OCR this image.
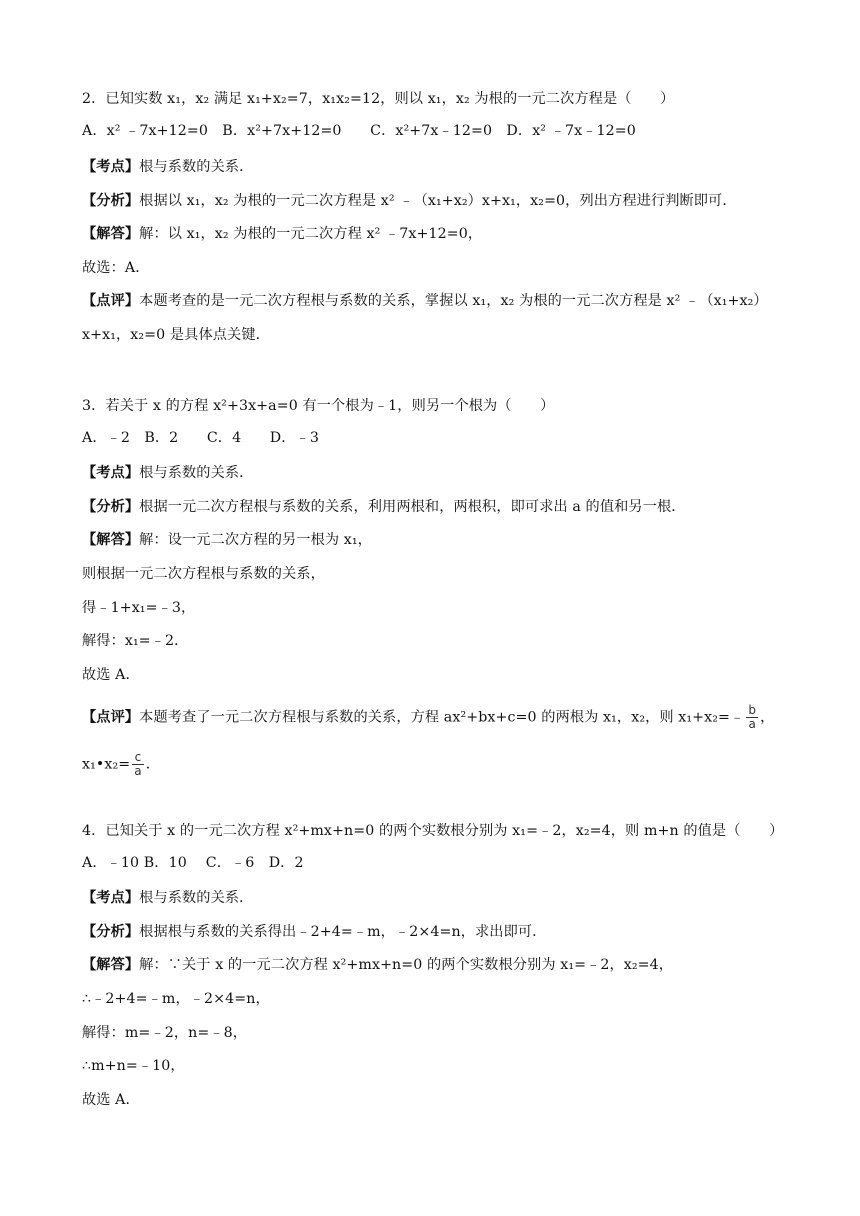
2．已知实数 x₁，x₂ 满足 x₁+x₂=7，x₁x₂=12，则以 x₁，x₂ 为根的一元二次方程是（　　）
A．x² ﹣7x+12=0　B．x²+7x+12=0　　C．x²+7x﹣12=0　D．x² ﹣7x﹣12=0
【考点】根与系数的关系．
【分析】根据以 x₁，x₂ 为根的一元二次方程是 x² ﹣（x₁+x₂）x+x₁，x₂=0，列出方程进行判断即可．
【解答】解：以 x₁，x₂ 为根的一元二次方程 x² ﹣7x+12=0，
故选：A．
【点评】本题考查的是一元二次方程根与系数的关系，掌握以 x₁，x₂ 为根的一元二次方程是 x² ﹣（x₁+x₂）
x+x₁，x₂=0 是具体点关键．
3．若关于 x 的方程 x²+3x+a=0 有一个根为﹣1，则另一个根为（　　）
A．﹣2　B．2　　C．4　　D．﹣3
【考点】根与系数的关系．
【分析】根据一元二次方程根与系数的关系，利用两根和，两根积，即可求出 a 的值和另一根．
【解答】解：设一元二次方程的另一根为 x₁，
则根据一元二次方程根与系数的关系，
得﹣1+x₁=﹣3，
解得：x₁=﹣2．
故选 A．
【点评】本题考查了一元二次方程根与系数的关系，方程 ax²+bx+c=0 的两根为 x₁，x₂，则 x₁+x₂=﹣ $\frac{b}{a}$ ，
x₁•x₂= $\frac{c}{a}$ ．
4．已知关于 x 的一元二次方程 x²+mx+n=0 的两个实数根分别为 x₁=﹣2，x₂=4，则 m+n 的值是（　　）
A．﹣10 B．10　 C．﹣6　D．2
【考点】根与系数的关系．
【分析】根据根与系数的关系得出﹣2+4=﹣m，﹣2×4=n，求出即可．
【解答】解：∵关于 x 的一元二次方程 x²+mx+n=0 的两个实数根分别为 x₁=﹣2，x₂=4，
∴﹣2+4=﹣m，﹣2×4=n，
解得：m=﹣2，n=﹣8，
∴m+n=﹣10，
故选 A．
